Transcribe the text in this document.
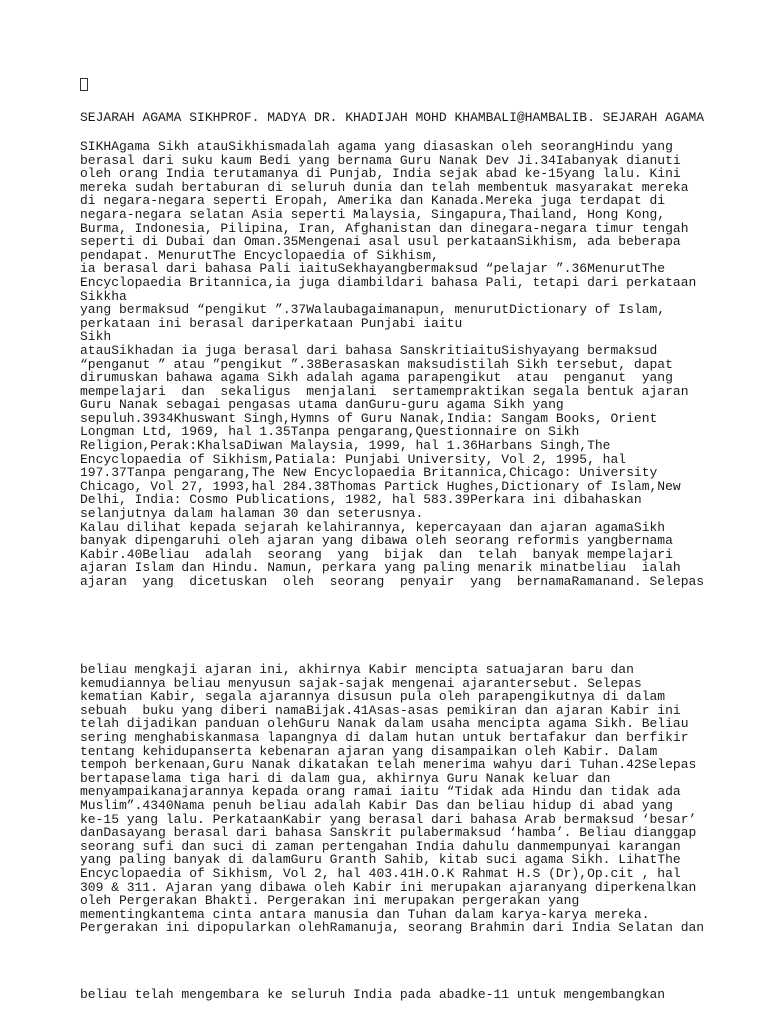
SEJARAH AGAMA SIKHPROF. MADYA DR. KHADIJAH MOHD KHAMBALI@HAMBALIB. SEJARAH AGAMA

SIKHAgama Sikh atauSikhismadalah agama yang diasaskan oleh seorangHindu yang
berasal dari suku kaum Bedi yang bernama Guru Nanak Dev Ji.34Iabanyak dianuti
oleh orang India terutamanya di Punjab, India sejak abad ke-15yang lalu. Kini
mereka sudah bertaburan di seluruh dunia dan telah membentuk masyarakat mereka
di negara-negara seperti Eropah, Amerika dan Kanada.Mereka juga terdapat di
negara-negara selatan Asia seperti Malaysia, Singapura,Thailand, Hong Kong,
Burma, Indonesia, Pilipina, Iran, Afghanistan dan dinegara-negara timur tengah
seperti di Dubai dan Oman.35Mengenai asal usul perkataanSikhism, ada beberapa
pendapat. MenurutThe Encyclopaedia of Sikhism,
ia berasal dari bahasa Pali iaituSekhayangbermaksud “pelajar ”.36MenurutThe
Encyclopaedia Britannica,ia juga diambildari bahasa Pali, tetapi dari perkataan
Sikkha
yang bermaksud “pengikut ”.37Walaubagaimanapun, menurutDictionary of Islam,
perkataan ini berasal dariperkataan Punjabi iaitu
Sikh
atauSikhadan ia juga berasal dari bahasa SanskritiaituSishyayang bermaksud
“penganut ” atau ”pengikut ”.38Berasaskan maksudistilah Sikh tersebut, dapat
dirumuskan bahawa agama Sikh adalah agama parapengikut  atau  penganut  yang
mempelajari  dan  sekaligus  menjalani  sertamempraktikan segala bentuk ajaran
Guru Nanak sebagai pengasas utama danGuru-guru agama Sikh yang
sepuluh.3934Khuswant Singh,Hymns of Guru Nanak,India: Sangam Books, Orient
Longman Ltd, 1969, hal 1.35Tanpa pengarang,Questionnaire on Sikh
Religion,Perak:KhalsaDiwan Malaysia, 1999, hal 1.36Harbans Singh,The
Encyclopaedia of Sikhism,Patiala: Punjabi University, Vol 2, 1995, hal
197.37Tanpa pengarang,The New Encyclopaedia Britannica,Chicago: University
Chicago, Vol 27, 1993,hal 284.38Thomas Partick Hughes,Dictionary of Islam,New
Delhi, India: Cosmo Publications, 1982, hal 583.39Perkara ini dibahaskan
selanjutnya dalam halaman 30 dan seterusnya.
Kalau dilihat kepada sejarah kelahirannya, kepercayaan dan ajaran agamaSikh
banyak dipengaruhi oleh ajaran yang dibawa oleh seorang reformis yangbernama
Kabir.40Beliau  adalah  seorang  yang  bijak  dan  telah  banyak mempelajari
ajaran Islam dan Hindu. Namun, perkara yang paling menarik minatbeliau  ialah
ajaran  yang  dicetuskan  oleh  seorang  penyair  yang  bernamaRamanand. Selepas

beliau mengkaji ajaran ini, akhirnya Kabir mencipta satuajaran baru dan
kemudiannya beliau menyusun sajak-sajak mengenai ajarantersebut. Selepas
kematian Kabir, segala ajarannya disusun pula oleh parapengikutnya di dalam
sebuah  buku yang diberi namaBijak.41Asas-asas pemikiran dan ajaran Kabir ini
telah dijadikan panduan olehGuru Nanak dalam usaha mencipta agama Sikh. Beliau
sering menghabiskanmasa lapangnya di dalam hutan untuk bertafakur dan berfikir
tentang kehidupanserta kebenaran ajaran yang disampaikan oleh Kabir. Dalam
tempoh berkenaan,Guru Nanak dikatakan telah menerima wahyu dari Tuhan.42Selepas
bertapaselama tiga hari di dalam gua, akhirnya Guru Nanak keluar dan
menyampaikanajarannya kepada orang ramai iaitu “Tidak ada Hindu dan tidak ada
Muslim”.4340Nama penuh beliau adalah Kabir Das dan beliau hidup di abad yang
ke-15 yang lalu. PerkataanKabir yang berasal dari bahasa Arab bermaksud ‘besar’
danDasayang berasal dari bahasa Sanskrit pulabermaksud ‘hamba’. Beliau dianggap
seorang sufi dan suci di zaman pertengahan India dahulu danmempunyai karangan
yang paling banyak di dalamGuru Granth Sahib, kitab suci agama Sikh. LihatThe
Encyclopaedia of Sikhism, Vol 2, hal 403.41H.O.K Rahmat H.S (Dr),Op.cit , hal
309 & 311. Ajaran yang dibawa oleh Kabir ini merupakan ajaranyang diperkenalkan
oleh Pergerakan Bhakti. Pergerakan ini merupakan pergerakan yang
mementingkantema cinta antara manusia dan Tuhan dalam karya-karya mereka.
Pergerakan ini dipopularkan olehRamanuja, seorang Brahmin dari India Selatan dan

beliau telah mengembara ke seluruh India pada abadke-11 untuk mengembangkan
